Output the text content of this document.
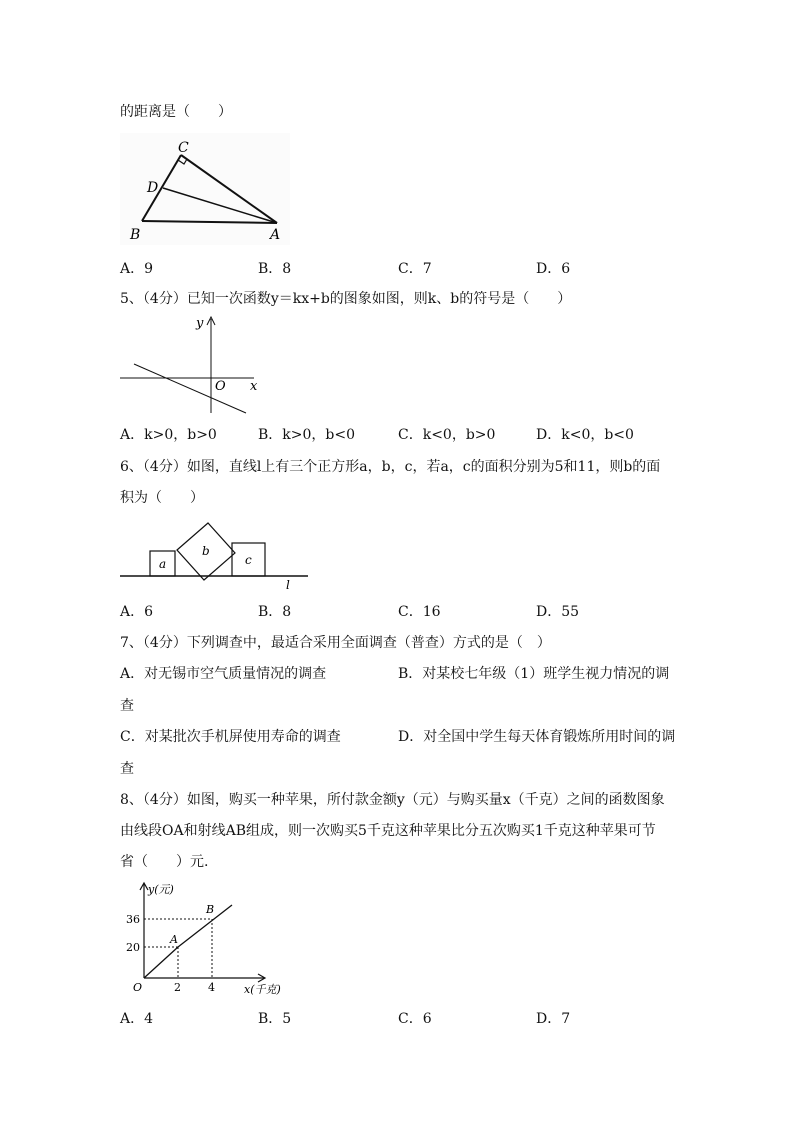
的距离是（　　）
C
D
B	A
A．9	B．8	C．7	D．6
5、（4分）已知一次函数y＝kx+b的图象如图，则k、b的符号是（　　）
y
x
O
A．k>0，b>0	B．k>0，b<0	C．k<0，b>0	D．k<0，b<0
6、（4分）如图，直线l上有三个正方形a，b，c，若a，c的面积分别为5和11，则b的面
积为（　　）
a
b
c
l
A．6	B．8	C．16	D．55
7、（4分）下列调查中，最适合采用全面调查（普查）方式的是（　）
A．对无锡市空气质量情况的调查	B．对某校七年级（1）班学生视力情况的调
查
C．对某批次手机屏使用寿命的调查	D．对全国中学生每天体育锻炼所用时间的调
查
8、（4分）如图，购买一种苹果，所付款金额y（元）与购买量x（千克）之间的函数图象
由线段OA和射线AB组成，则一次购买5千克这种苹果比分五次购买1千克这种苹果可节
省（　　）元.
y(元)
36
20
O	2 4	x(千克)
A
B
A．4	B．5	C．6	D．7
